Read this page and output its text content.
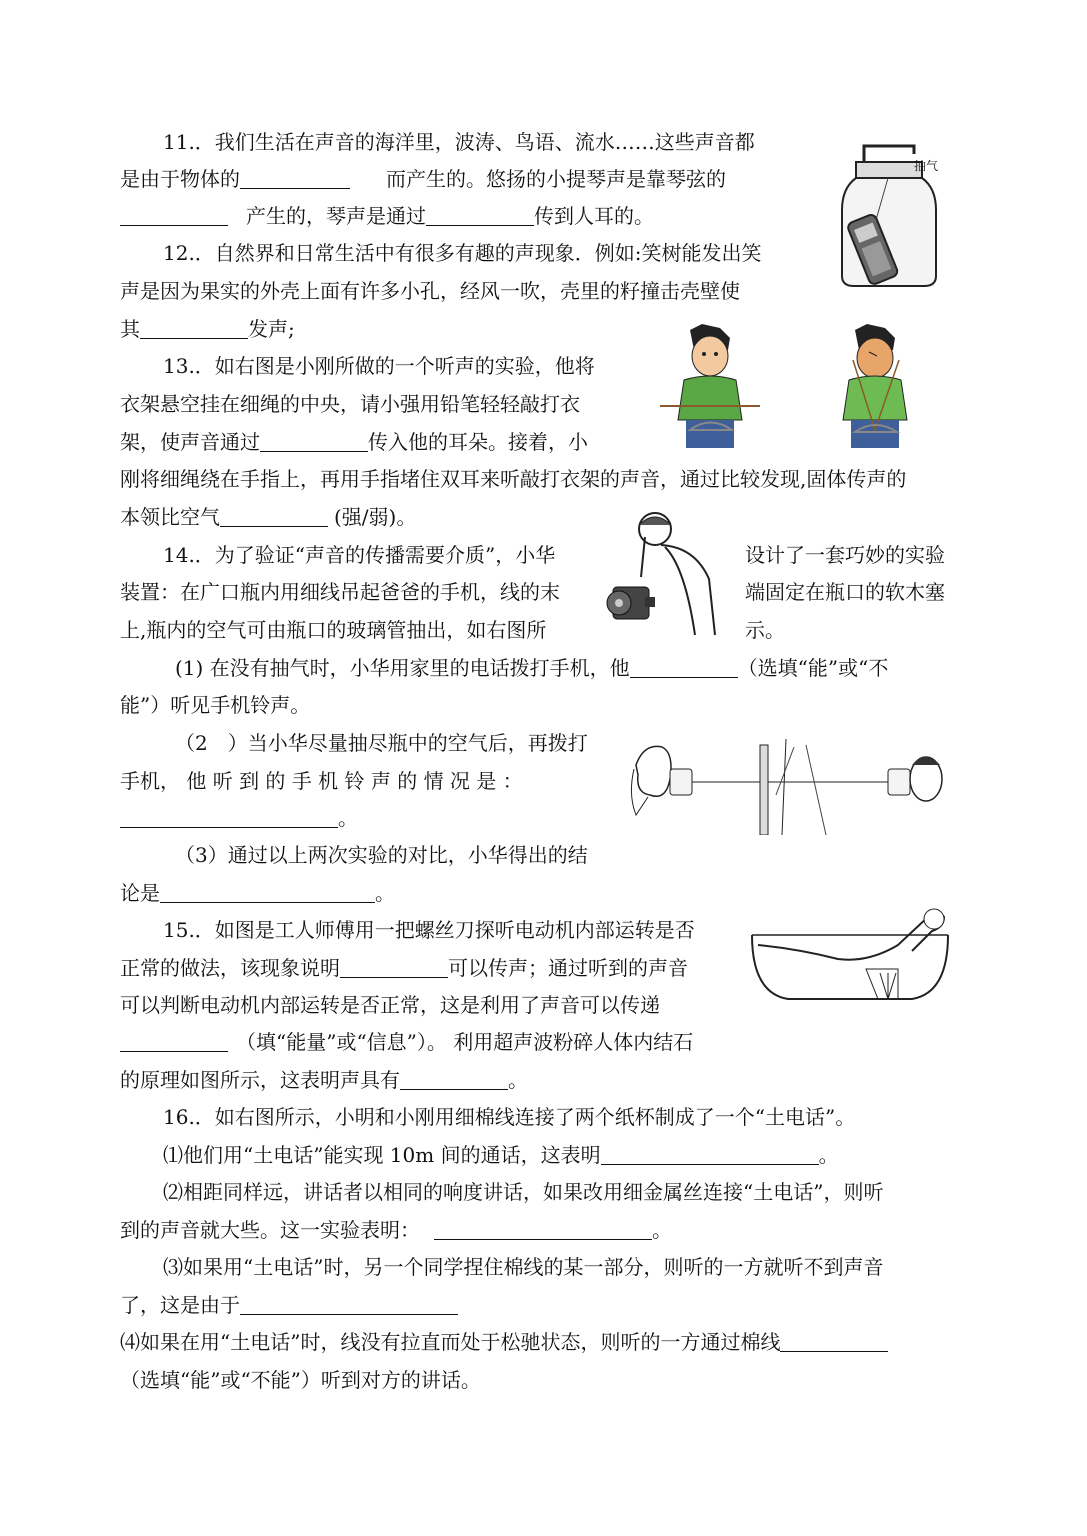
11.．我们生活在声音的海洋里，波涛、鸟语、流水……这些声音都
是由于物体的	而产生的。悠扬的小提琴声是靠琴弦的
产生的，琴声是通过	传到人耳的。
12.．自然界和日常生活中有很多有趣的声现象．例如:笑树能发出笑
声是因为果实的外壳上面有许多小孔，经风一吹，壳里的籽撞击壳壁使
其	发声;
13.．如右图是小刚所做的一个听声的实验，他将
衣架悬空挂在细绳的中央，请小强用铅笔轻轻敲打衣
架，使声音通过	传入他的耳朵。接着，小
刚将细绳绕在手指上，再用手指堵住双耳来听敲打衣架的声音，通过比较发现,固体传声的
本领比空气	(强/弱)。
14.．为了验证“声音的传播需要介质”，小华	设计了一套巧妙的实验
装置：在广口瓶内用细线吊起爸爸的手机，线的末	端固定在瓶口的软木塞
上,瓶内的空气可由瓶口的玻璃管抽出，如右图所	示。
(1) 在没有抽气时，小华用家里的电话拨打手机，他	（选填“能”或“不
能”）听见手机铃声。
（2　）当小华尽量抽尽瓶中的空气后，再拨打
手机， 他 听 到 的 手 机 铃 声 的 情 况 是 ：
。
（3）通过以上两次实验的对比，小华得出的结
论是	。
15.．如图是工人师傅用一把螺丝刀探听电动机内部运转是否
正常的做法，该现象说明	可以传声；通过听到的声音
可以判断电动机内部运转是否正常，这是利用了声音可以传递
（填“能量”或“信息”）。 利用超声波粉碎人体内结石
的原理如图所示，这表明声具有	。
16.．如右图所示，小明和小刚用细棉线连接了两个纸杯制成了一个“土电话”。
⑴他们用“土电话”能实现 10m 间的通话，这表明	。
⑵相距同样远，讲话者以相同的响度讲话，如果改用细金属丝连接“土电话”，则听
到的声音就大些。这一实验表明：	。
⑶如果用“土电话”时，另一个同学捏住棉线的某一部分，则听的一方就听不到声音
了，这是由于
⑷如果在用“土电话”时，线没有拉直而处于松驰状态，则听的一方通过棉线
（选填“能”或“不能”）听到对方的讲话。
抽气
